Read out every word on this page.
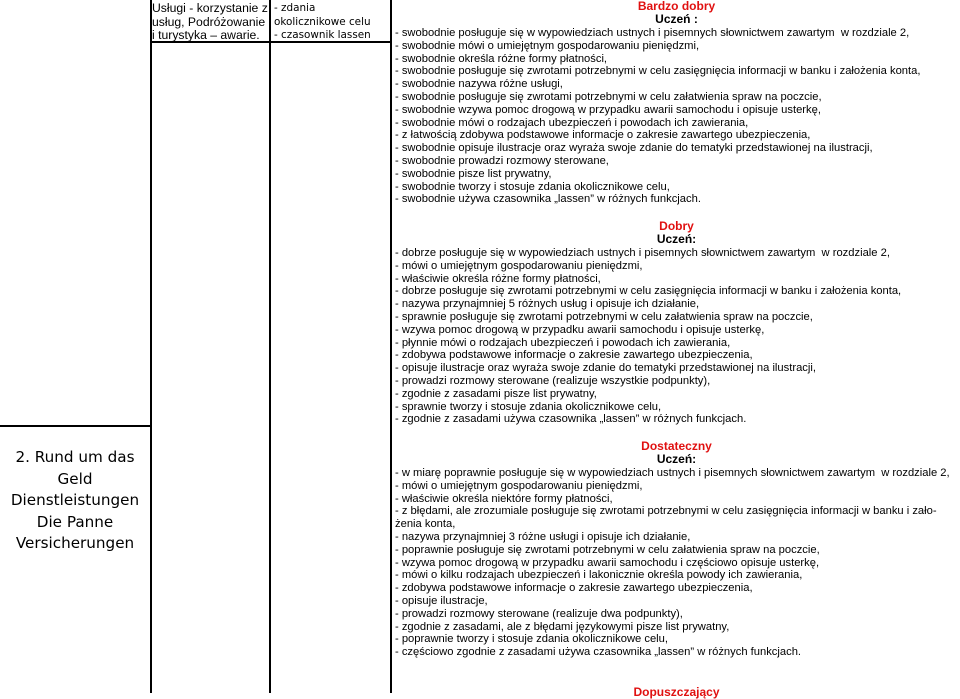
Usługi - korzystanie z usług, Podróżowanie i turystyka – awarie.
- zdania okolicznikowe celu
- czasownik lassen
2. Rund um das Geld
Dienstleistungen
Die Panne
Versicherungen
Bardzo dobry
Uczeń :

- swobodnie posługuje się w wypowiedziach ustnych i pisemnych słownictwem zawartym  w rozdziale 2,

- swobodnie mówi o umiejętnym gospodarowaniu pieniędzmi,

- swobodnie określa różne formy płatności,

- swobodnie posługuje się zwrotami potrzebnymi w celu zasięgnięcia informacji w banku i założenia konta,

- swobodnie nazywa różne usługi,

- swobodnie posługuje się zwrotami potrzebnymi w celu załatwienia spraw na poczcie,

- swobodnie wzywa pomoc drogową w przypadku awarii samochodu i opisuje usterkę,

- swobodnie mówi o rodzajach ubezpieczeń i powodach ich zawierania,

- z łatwością zdobywa podstawowe informacje o zakresie zawartego ubezpieczenia,

- swobodnie opisuje ilustracje oraz wyraża swoje zdanie do tematyki przedstawionej na ilustracji,

- swobodnie prowadzi rozmowy sterowane,

- swobodnie pisze list prywatny,

- swobodnie tworzy i stosuje zdania okolicznikowe celu,

- swobodnie używa czasownika „lassen” w różnych funkcjach.

Dobry
Uczeń:

- dobrze posługuje się w wypowiedziach ustnych i pisemnych słownictwem zawartym  w rozdziale 2,

- mówi o umiejętnym gospodarowaniu pieniędzmi,

- właściwie określa różne formy płatności,

- dobrze posługuje się zwrotami potrzebnymi w celu zasięgnięcia informacji w banku i założenia konta,

- nazywa przynajmniej 5 różnych usług i opisuje ich działanie,

- sprawnie posługuje się zwrotami potrzebnymi w celu załatwienia spraw na poczcie,

- wzywa pomoc drogową w przypadku awarii samochodu i opisuje usterkę,

- płynnie mówi o rodzajach ubezpieczeń i powodach ich zawierania,

- zdobywa podstawowe informacje o zakresie zawartego ubezpieczenia,

- opisuje ilustracje oraz wyraża swoje zdanie do tematyki przedstawionej na ilustracji,

- prowadzi rozmowy sterowane (realizuje wszystkie podpunkty),

- zgodnie z zasadami pisze list prywatny,

- sprawnie tworzy i stosuje zdania okolicznikowe celu,

- zgodnie z zasadami używa czasownika „lassen” w różnych funkcjach.

Dostateczny
Uczeń:

- w miarę poprawnie posługuje się w wypowiedziach ustnych i pisemnych słownictwem zawartym  w rozdziale 2,

- mówi o umiejętnym gospodarowaniu pieniędzmi,

- właściwie określa niektóre formy płatności,

- z błędami, ale zrozumiale posługuje się zwrotami potrzebnymi w celu zasięgnięcia informacji w banku i zało-żenia konta,

- nazywa przynajmniej 3 różne usługi i opisuje ich działanie,

- poprawnie posługuje się zwrotami potrzebnymi w celu załatwienia spraw na poczcie,

- wzywa pomoc drogową w przypadku awarii samochodu i częściowo opisuje usterkę,

- mówi o kilku rodzajach ubezpieczeń i lakonicznie określa powody ich zawierania,

- zdobywa podstawowe informacje o zakresie zawartego ubezpieczenia,

- opisuje ilustracje,

- prowadzi rozmowy sterowane (realizuje dwa podpunkty),

- zgodnie z zasadami, ale z błędami językowymi pisze list prywatny,

- poprawnie tworzy i stosuje zdania okolicznikowe celu,

- częściowo zgodnie z zasadami używa czasownika „lassen” w różnych funkcjach.

Dopuszczający
